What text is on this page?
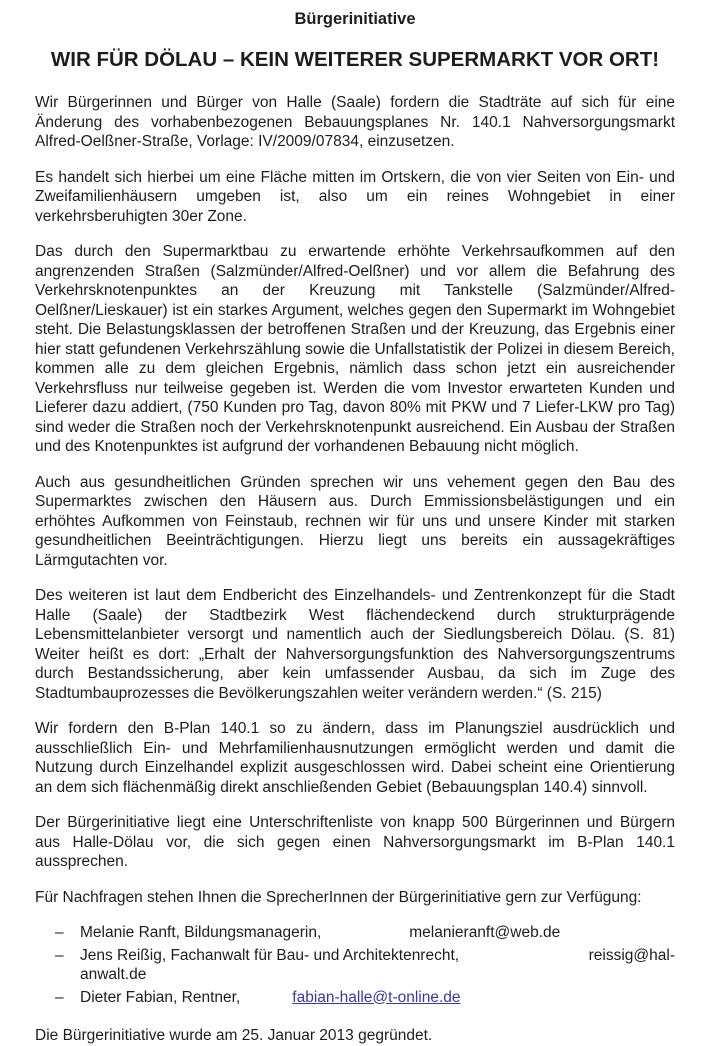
Bürgerinitiative
WIR FÜR DÖLAU – KEIN WEITERER SUPERMARKT VOR ORT!

Wir Bürgerinnen und Bürger von Halle (Saale) fordern die Stadträte auf sich für eine Änderung des vorhabenbezogenen Bebauungsplanes Nr. 140.1 Nahversorgungsmarkt Alfred-Oelßner-Straße, Vorlage: IV/2009/07834, einzusetzen.

Es handelt sich hierbei um eine Fläche mitten im Ortskern, die von vier Seiten von Ein- und Zweifamilienhäusern umgeben ist, also um ein reines Wohngebiet in einer verkehrsberuhigten 30er Zone.

Das durch den Supermarktbau zu erwartende erhöhte Verkehrsaufkommen auf den angrenzenden Straßen (Salzmünder/Alfred-Oelßner) und vor allem die Befahrung des Verkehrsknotenpunktes an der Kreuzung mit Tankstelle (Salzmünder/Alfred-Oelßner/Lieskauer) ist ein starkes Argument, welches gegen den Supermarkt im Wohngebiet steht. Die Belastungsklassen der betroffenen Straßen und der Kreuzung, das Ergebnis einer hier statt gefundenen Verkehrszählung sowie die Unfallstatistik der Polizei in diesem Bereich, kommen alle zu dem gleichen Ergebnis, nämlich dass schon jetzt ein ausreichender Verkehrsfluss nur teilweise gegeben ist. Werden die vom Investor erwarteten Kunden und Lieferer dazu addiert, (750 Kunden pro Tag, davon 80% mit PKW und 7 Liefer-LKW pro Tag) sind weder die Straßen noch der Verkehrsknotenpunkt ausreichend. Ein Ausbau der Straßen und des Knotenpunktes ist aufgrund der vorhandenen Bebauung nicht möglich.

Auch aus gesundheitlichen Gründen sprechen wir uns vehement gegen den Bau des Supermarktes zwischen den Häusern aus. Durch Emmissionsbelästigungen und ein erhöhtes Aufkommen von Feinstaub, rechnen wir für uns und unsere Kinder mit starken gesundheitlichen Beeinträchtigungen. Hierzu liegt uns bereits ein aussagekräftiges Lärmgutachten vor.

Des weiteren ist laut dem Endbericht des Einzelhandels- und Zentrenkonzept für die Stadt Halle (Saale) der Stadtbezirk West flächendeckend durch strukturprägende Lebensmittelanbieter versorgt und namentlich auch der Siedlungsbereich Dölau. (S. 81) Weiter heißt es dort: „Erhalt der Nahversorgungsfunktion des Nahversorgungszentrums durch Bestandssicherung, aber kein umfassender Ausbau, da sich im Zuge des Stadtumbauprozesses die Bevölkerungszahlen weiter verändern werden.“ (S. 215)

Wir fordern den B-Plan 140.1 so zu ändern, dass im Planungsziel ausdrücklich und ausschließlich Ein- und Mehrfamilienhausnutzungen ermöglicht werden und damit die Nutzung durch Einzelhandel explizit ausgeschlossen wird. Dabei scheint eine Orientierung an dem sich flächenmäßig direkt anschließenden Gebiet (Bebauungsplan 140.4) sinnvoll.

Der Bürgerinitiative liegt eine Unterschriftenliste von knapp 500 Bürgerinnen und Bürgern aus Halle-Dölau vor, die sich gegen einen Nahversorgungsmarkt im B-Plan 140.1 aussprechen.

Für Nachfragen stehen Ihnen die SprecherInnen der Bürgerinitiative gern zur Verfügung:

– Melanie Ranft, Bildungsmanagerin,	melanieranft@web.de
– Jens Reißig, Fachanwalt für Bau- und Architektenrecht,	reissig@hal-
anwalt.de
– Dieter Fabian, Rentner,	fabian-halle@t-online.de

Die Bürgerinitiative wurde am 25. Januar 2013 gegründet.
